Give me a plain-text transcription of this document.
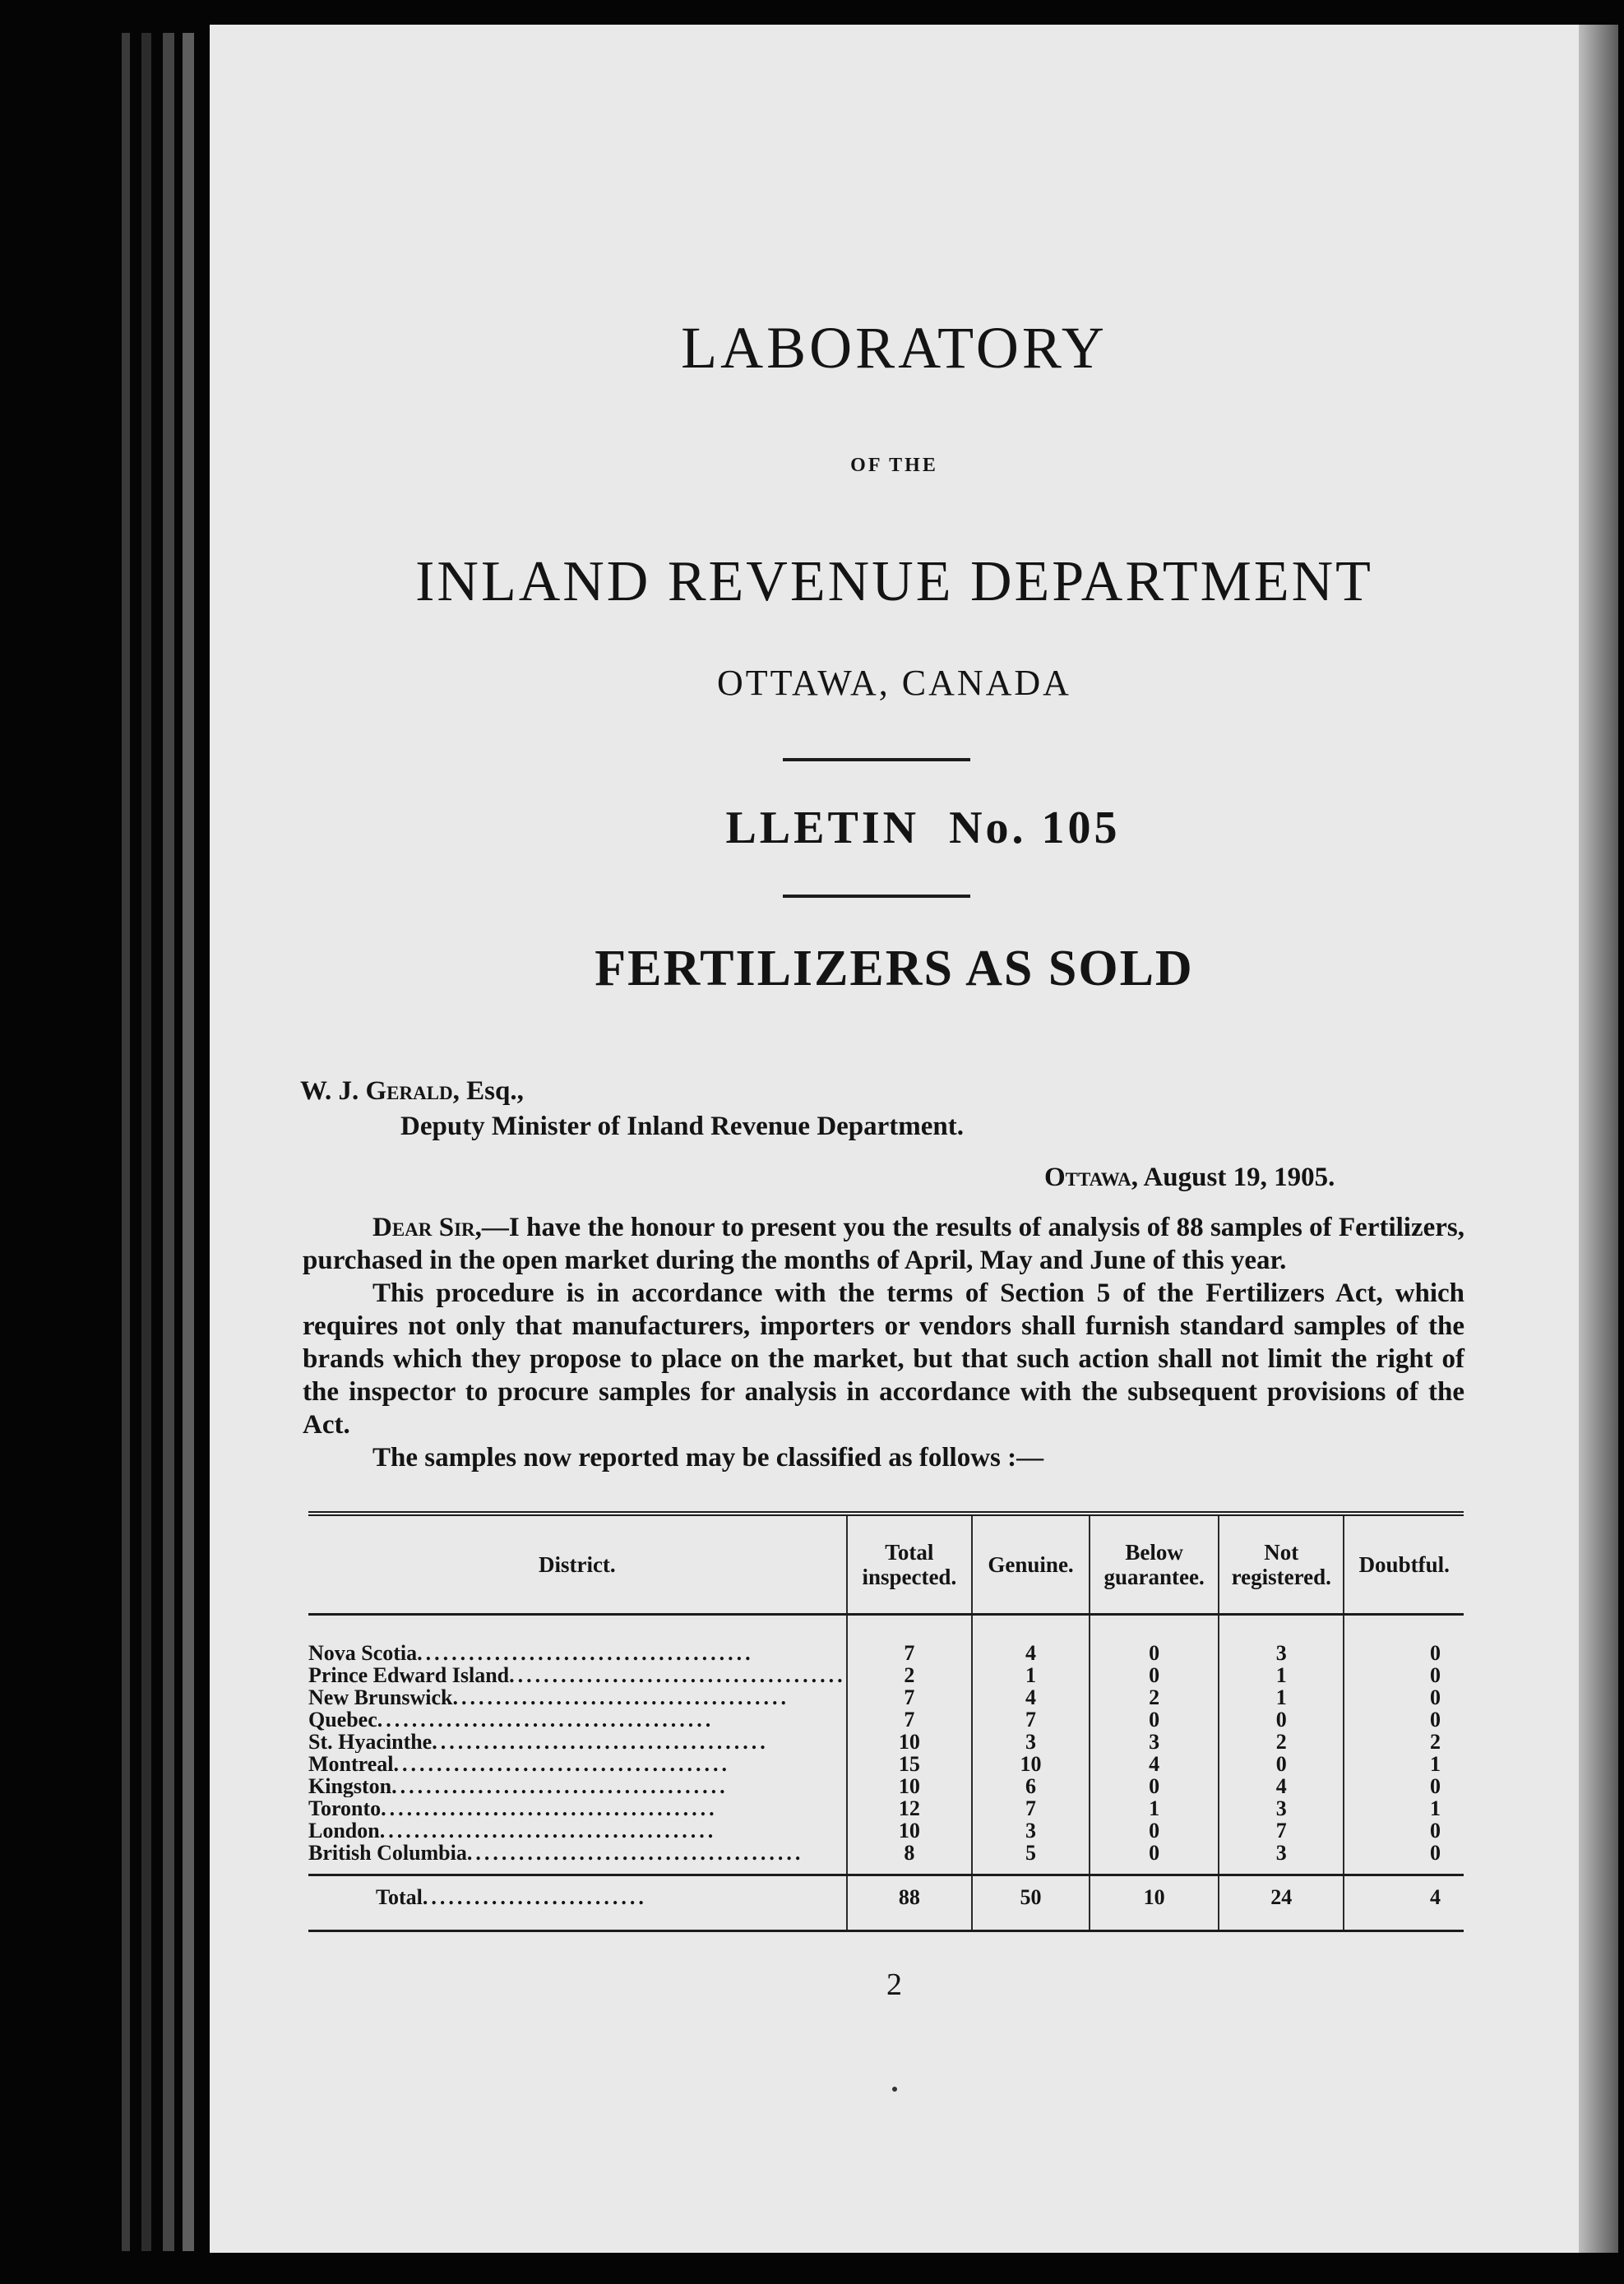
LABORATORY
OF THE
INLAND REVENUE DEPARTMENT
OTTAWA, CANADA
LLETIN No. 105
FERTILIZERS AS SOLD
W. J. Gerald, Esq.,
Deputy Minister of Inland Revenue Department.
Ottawa, August 19, 1905.

Dear Sir,—I have the honour to present you the results of analysis of 88 samples of Fertilizers, purchased in the open market during the months of April, May and June of this year.

This procedure is in accordance with the terms of Section 5 of the Fertilizers Act, which requires not only that manufacturers, importers or vendors shall furnish standard samples of the brands which they propose to place on the market, but that such action shall not limit the right of the inspector to procure samples for analysis in accordance with the subsequent provisions of the Act.

The samples now reported may be classified as follows :—

District.	Total inspected.	Genuine.	Below guarantee.	Not registered.	Doubtful.

Nova Scotia.......................................	7	4	0	3	0
Prince Edward Island.......................................	2	1	0	1	0
New Brunswick.......................................	7	4	2	1	0
Quebec.......................................	7	7	0	0	0
St. Hyacinthe.......................................	10	3	3	2	2
Montreal.......................................	15	10	4	0	1
Kingston.......................................	10	6	0	4	0
Toronto.......................................	12	7	1	3	1
London.......................................	10	3	0	7	0
British Columbia.......................................	8	5	0	3	0
Total..........................	88	50	10	24	4
2
